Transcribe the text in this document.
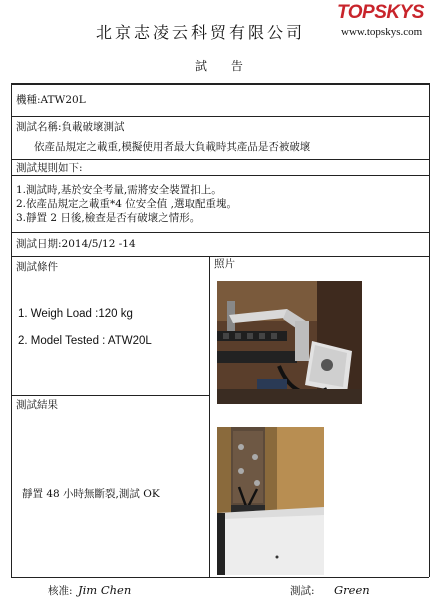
北京志凌云科贸有限公司
TOPSKYS
www.topskys.com
試 告
機種:ATW20L
測試名稱:負載破壞測試
依產品規定之載重,模擬使用者最大負載時其產品是否被破壞
測試規則如下:
1.測試時,基於安全考量,需將安全裝置扣上。
2.依產品規定之載重*4 位安全值 ,選取配重塊。
3.靜置 2 日後,檢查是否有破壞之情形。
測試日期:2014/5/12 -14
測試條件
1. Weigh Load :120 kg
2. Model Tested : ATW20L
照片
測試結果
靜置 48 小時無斷裂,測試 OK
核准: Jim Chen	測試: Green
